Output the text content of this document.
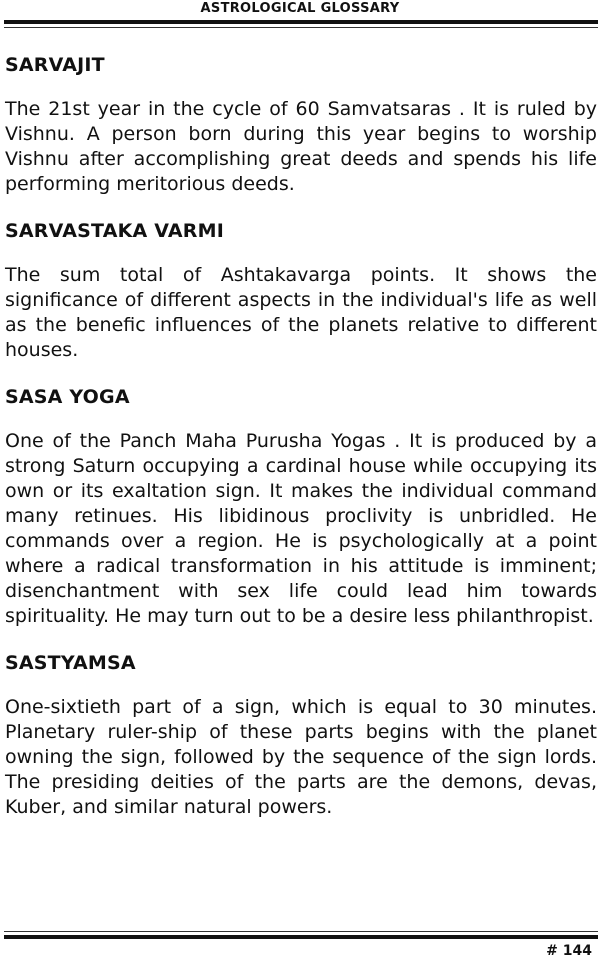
ASTROLOGICAL GLOSSARY
SARVAJIT

The 21st year in the cycle of 60 Samvatsaras . It is ruled by Vishnu. A person born during this year begins to worship Vishnu after accomplishing great deeds and spends his life performing meritorious deeds.

SARVASTAKA VARMI

The sum total of Ashtakavarga points. It shows the significance of different aspects in the individual's life as well as the benefic influences of the planets relative to different houses.

SASA YOGA

One of the Panch Maha Purusha Yogas . It is produced by a strong Saturn occupying a cardinal house while occupying its own or its exaltation sign. It makes the individual command many retinues. His libidinous proclivity is unbridled. He commands over a region. He is psychologically at a point where a radical transformation in his attitude is imminent; disenchantment with sex life could lead him towards spirituality. He may turn out to be a desire less philanthropist.

SASTYAMSA

One-sixtieth part of a sign, which is equal to 30 minutes. Planetary ruler-ship of these parts begins with the planet owning the sign, followed by the sequence of the sign lords. The presiding deities of the parts are the demons, devas, Kuber, and similar natural powers.

# 144
